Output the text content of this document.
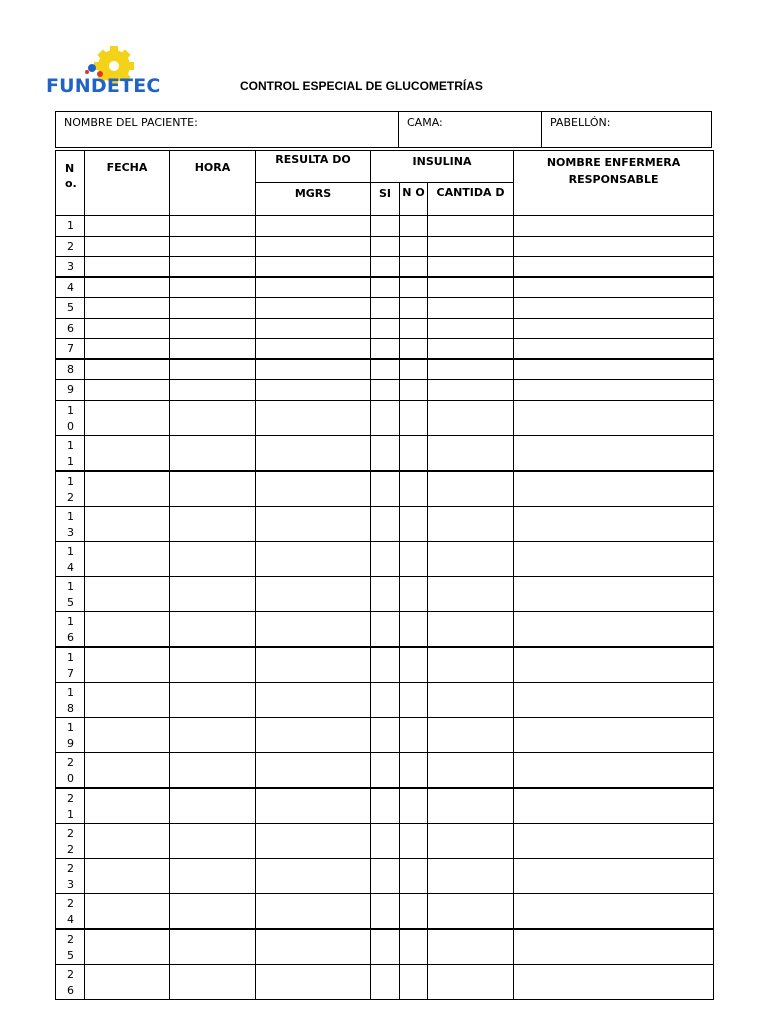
FUNDETEC	CONTROL ESPECIAL DE GLUCOMETRÍAS
NOMBRE DEL PACIENTE:	CAMA:	PABELLÓN:
N o.	FECHA	HORA	RESULTA DO	INSULINA			NOMBRE ENFERMERA RESPONSABLE
			MGRS	SI	N O	CANTIDA D	
1							
2							
3							
4							
5							
6							
7							
8							
9							
1 0							
1 1							
1 2							
1 3							
1 4							
1 5							
1 6							
1 7							
1 8							
1 9							
2 0							
2 1							
2 2							
2 3							
2 4							
2 5							
2 6							
